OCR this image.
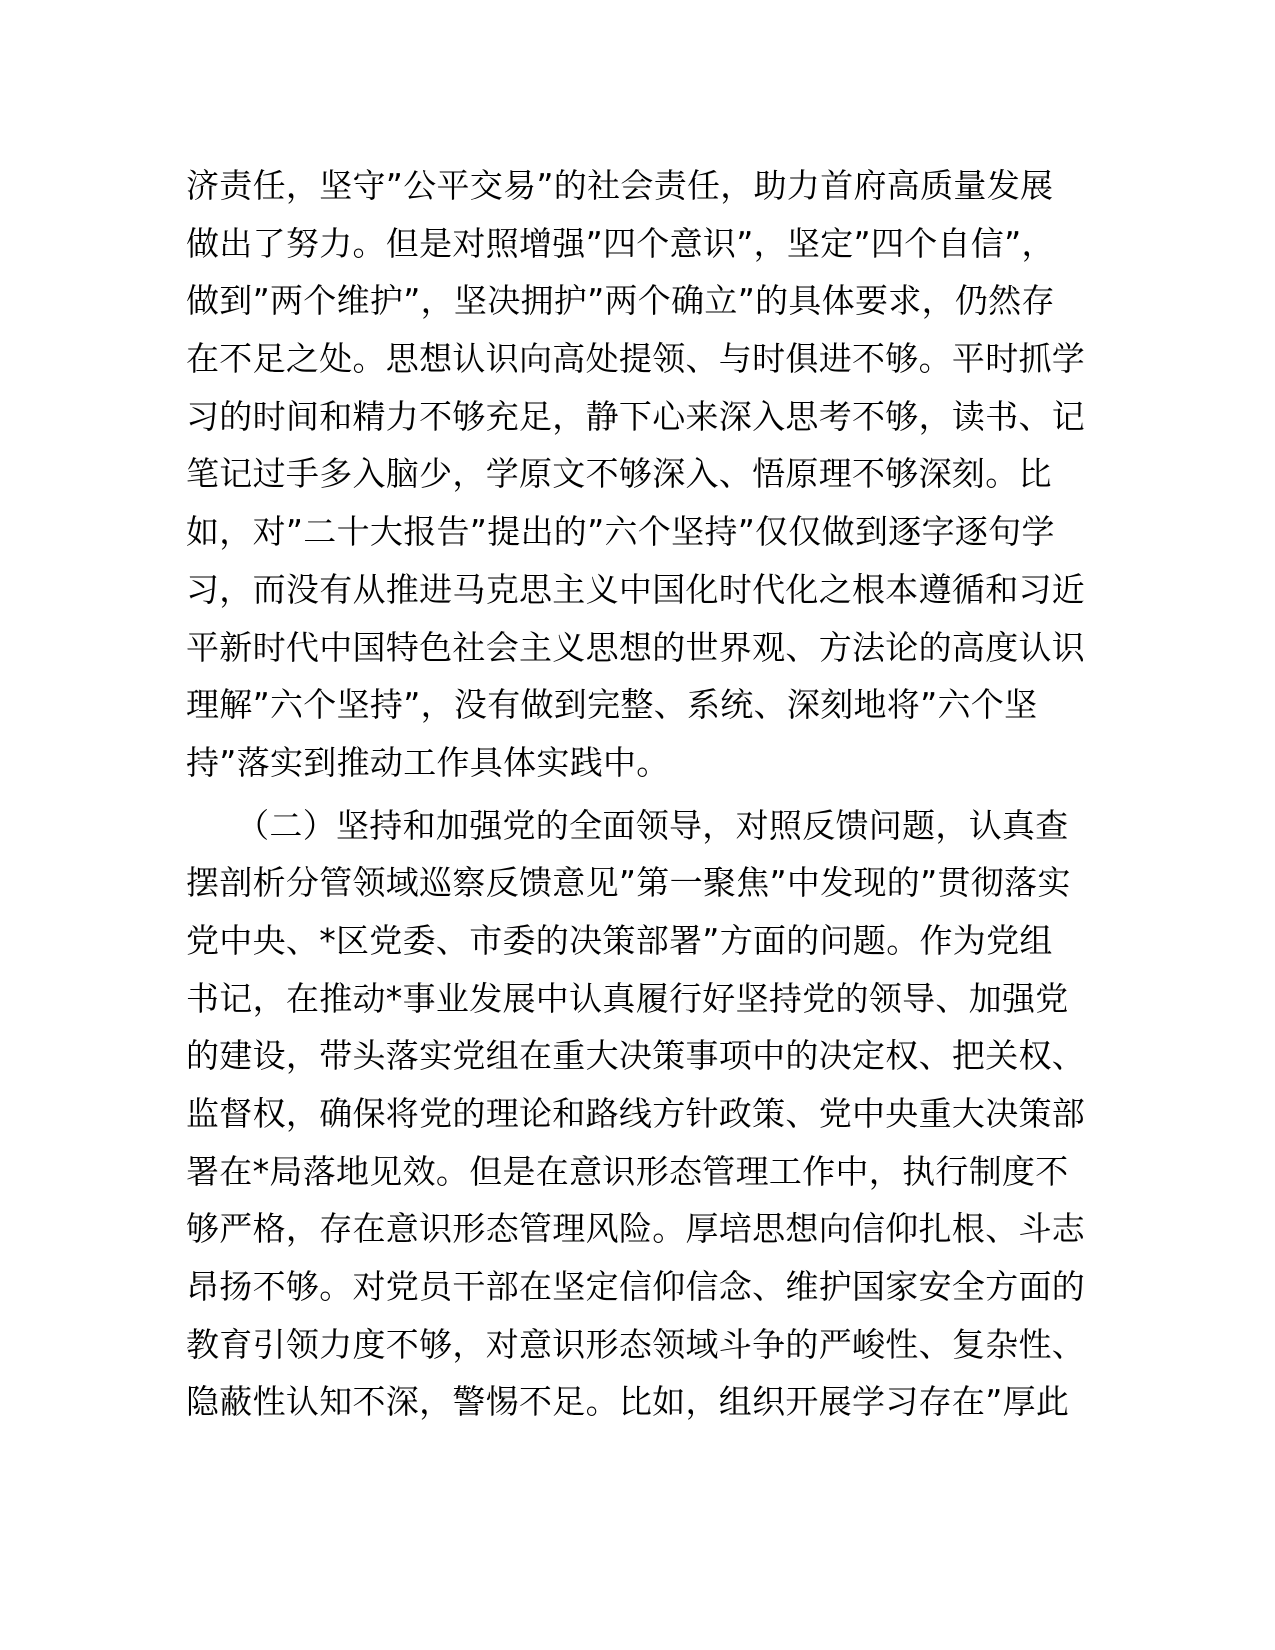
济责任，坚守”公平交易”的社会责任，助力首府高质量发展
做出了努力。但是对照增强”四个意识”，坚定”四个自信”，
做到”两个维护”，坚决拥护”两个确立”的具体要求，仍然存
在不足之处。思想认识向高处提领、与时俱进不够。平时抓学
习的时间和精力不够充足，静下心来深入思考不够，读书、记
笔记过手多入脑少，学原文不够深入、悟原理不够深刻。比
如，对”二十大报告”提出的”六个坚持”仅仅做到逐字逐句学
习，而没有从推进马克思主义中国化时代化之根本遵循和习近
平新时代中国特色社会主义思想的世界观、方法论的高度认识
理解”六个坚持”，没有做到完整、系统、深刻地将”六个坚
持”落实到推动工作具体实践中。
　　（二）坚持和加强党的全面领导，对照反馈问题，认真查
摆剖析分管领域巡察反馈意见”第一聚焦”中发现的”贯彻落实
党中央、*区党委、市委的决策部署”方面的问题。作为党组
书记，在推动*事业发展中认真履行好坚持党的领导、加强党
的建设，带头落实党组在重大决策事项中的决定权、把关权、
监督权，确保将党的理论和路线方针政策、党中央重大决策部
署在*局落地见效。但是在意识形态管理工作中，执行制度不
够严格，存在意识形态管理风险。厚培思想向信仰扎根、斗志
昂扬不够。对党员干部在坚定信仰信念、维护国家安全方面的
教育引领力度不够，对意识形态领域斗争的严峻性、复杂性、
隐蔽性认知不深，警惕不足。比如，组织开展学习存在”厚此
